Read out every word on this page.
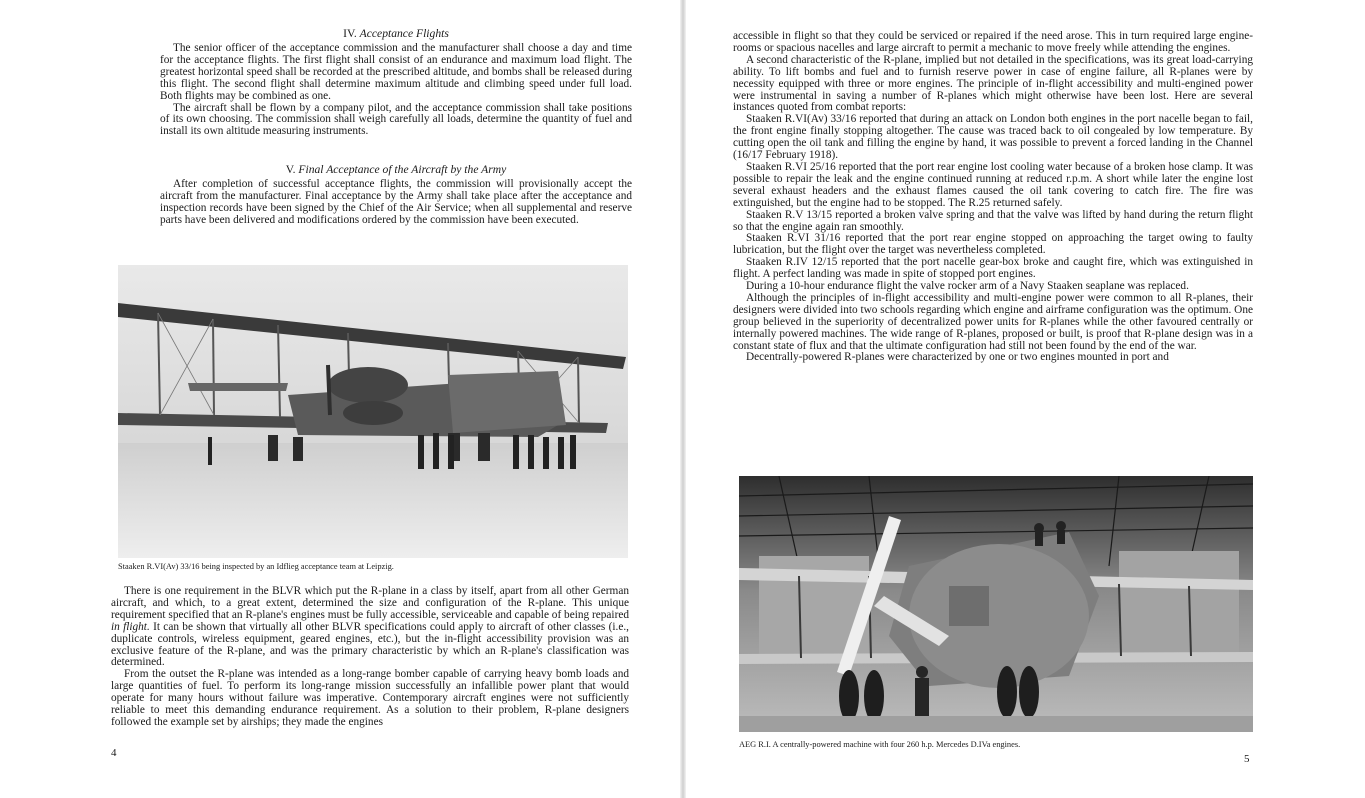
IV. Acceptance Flights

The senior officer of the acceptance commission and the manufacturer shall choose a day and time for the acceptance flights. The first flight shall consist of an endurance and maximum load flight. The greatest horizontal speed shall be recorded at the prescribed altitude, and bombs shall be released during this flight. The second flight shall determine maximum altitude and climbing speed under full load. Both flights may be combined as one.

The aircraft shall be flown by a company pilot, and the acceptance commission shall take positions of its own choosing. The commission shall weigh carefully all loads, determine the quantity of fuel and install its own altitude measuring instruments.

V. Final Acceptance of the Aircraft by the Army

After completion of successful acceptance flights, the commission will provisionally accept the aircraft from the manufacturer. Final acceptance by the Army shall take place after the acceptance and inspection records have been signed by the Chief of the Air Service; when all supplemental and reserve parts have been delivered and modifications ordered by the commission have been executed.

Staaken R.VI(Av) 33/16 being inspected by an Idflieg acceptance team at Leipzig.

There is one requirement in the BLVR which put the R-plane in a class by itself, apart from all other German aircraft, and which, to a great extent, determined the size and configuration of the R-plane. This unique requirement specified that an R-plane's engines must be fully accessible, serviceable and capable of being repaired in flight. It can be shown that virtually all other BLVR specifications could apply to aircraft of other classes (i.e., duplicate controls, wireless equipment, geared engines, etc.), but the in-flight accessibility provision was an exclusive feature of the R-plane, and was the primary characteristic by which an R-plane's classification was determined.

From the outset the R-plane was intended as a long-range bomber capable of carrying heavy bomb loads and large quantities of fuel. To perform its long-range mission successfully an infallible power plant that would operate for many hours without failure was imperative. Contemporary aircraft engines were not sufficiently reliable to meet this demanding endurance requirement. As a solution to their problem, R-plane designers followed the example set by airships; they made the engines

4

accessible in flight so that they could be serviced or repaired if the need arose. This in turn required large engine-rooms or spacious nacelles and large aircraft to permit a mechanic to move freely while attending the engines.

A second characteristic of the R-plane, implied but not detailed in the specifications, was its great load-carrying ability. To lift bombs and fuel and to furnish reserve power in case of engine failure, all R-planes were by necessity equipped with three or more engines. The principle of in-flight accessibility and multi-engined power were instrumental in saving a number of R-planes which might otherwise have been lost. Here are several instances quoted from combat reports:

Staaken R.VI(Av) 33/16 reported that during an attack on London both engines in the port nacelle began to fail, the front engine finally stopping altogether. The cause was traced back to oil congealed by low temperature. By cutting open the oil tank and filling the engine by hand, it was possible to prevent a forced landing in the Channel (16/17 February 1918).

Staaken R.VI 25/16 reported that the port rear engine lost cooling water because of a broken hose clamp. It was possible to repair the leak and the engine continued running at reduced r.p.m. A short while later the engine lost several exhaust headers and the exhaust flames caused the oil tank covering to catch fire. The fire was extinguished, but the engine had to be stopped. The R.25 returned safely.

Staaken R.V 13/15 reported a broken valve spring and that the valve was lifted by hand during the return flight so that the engine again ran smoothly.

Staaken R.VI 31/16 reported that the port rear engine stopped on approaching the target owing to faulty lubrication, but the flight over the target was nevertheless completed.

Staaken R.IV 12/15 reported that the port nacelle gear-box broke and caught fire, which was extinguished in flight. A perfect landing was made in spite of stopped port engines.

During a 10-hour endurance flight the valve rocker arm of a Navy Staaken seaplane was replaced.

Although the principles of in-flight accessibility and multi-engine power were common to all R-planes, their designers were divided into two schools regarding which engine and airframe configuration was the optimum. One group believed in the superiority of decentralized power units for R-planes while the other favoured centrally or internally powered machines. The wide range of R-planes, proposed or built, is proof that R-plane design was in a constant state of flux and that the ultimate configuration had still not been found by the end of the war.

Decentrally-powered R-planes were characterized by one or two engines mounted in port and

AEG R.I. A centrally-powered machine with four 260 h.p. Mercedes D.IVa engines.
5
